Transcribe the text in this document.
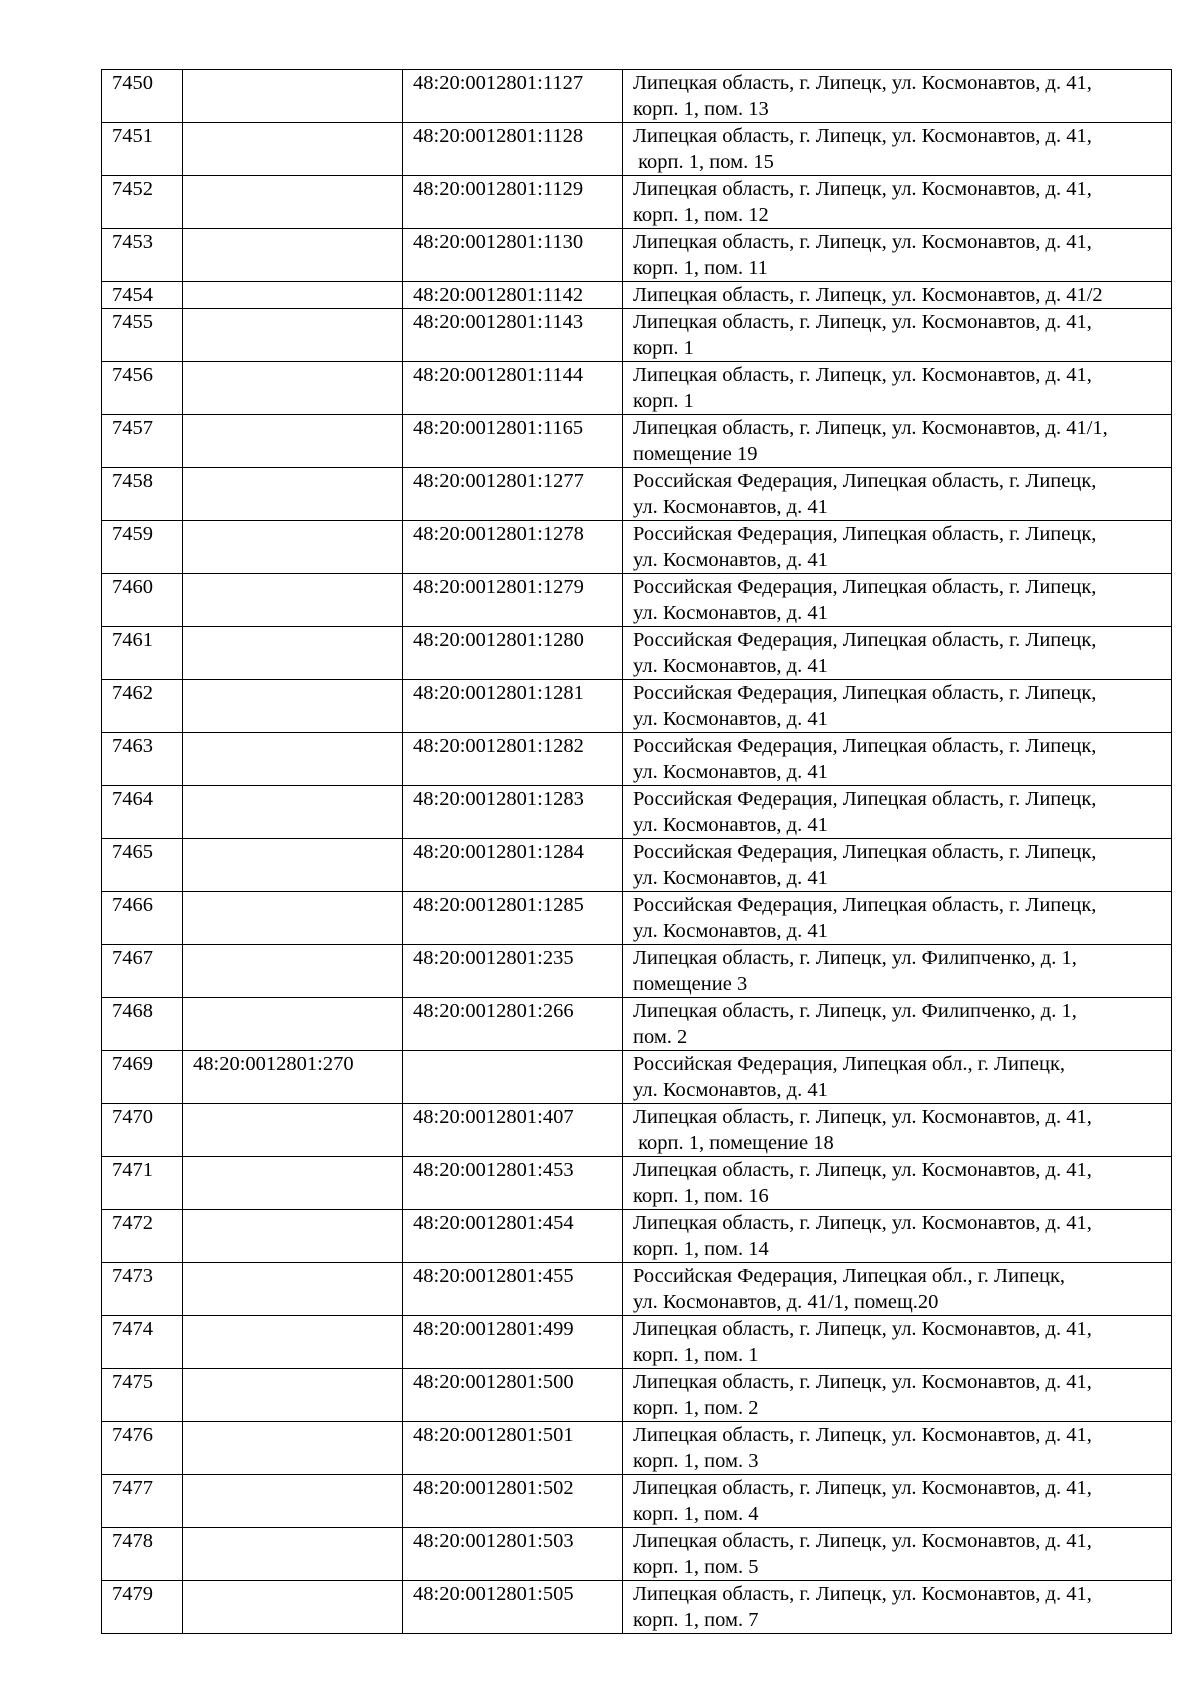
7450		48:20:0012801:1127	Липецкая область, г. Липецк, ул. Космонавтов, д. 41,
корп. 1, пом. 13

7451		48:20:0012801:1128	Липецкая область, г. Липецк, ул. Космонавтов, д. 41,
корп. 1, пом. 15

7452		48:20:0012801:1129	Липецкая область, г. Липецк, ул. Космонавтов, д. 41,
корп. 1, пом. 12

7453		48:20:0012801:1130	Липецкая область, г. Липецк, ул. Космонавтов, д. 41,
корп. 1, пом. 11

7454		48:20:0012801:1142	Липецкая область, г. Липецк, ул. Космонавтов, д. 41/2

7455		48:20:0012801:1143	Липецкая область, г. Липецк, ул. Космонавтов, д. 41,
корп. 1

7456		48:20:0012801:1144	Липецкая область, г. Липецк, ул. Космонавтов, д. 41,
корп. 1

7457		48:20:0012801:1165	Липецкая область, г. Липецк, ул. Космонавтов, д. 41/1,
помещение 19

7458		48:20:0012801:1277	Российская Федерация, Липецкая область, г. Липецк,
ул. Космонавтов, д. 41

7459		48:20:0012801:1278	Российская Федерация, Липецкая область, г. Липецк,
ул. Космонавтов, д. 41

7460		48:20:0012801:1279	Российская Федерация, Липецкая область, г. Липецк,
ул. Космонавтов, д. 41

7461		48:20:0012801:1280	Российская Федерация, Липецкая область, г. Липецк,
ул. Космонавтов, д. 41

7462		48:20:0012801:1281	Российская Федерация, Липецкая область, г. Липецк,
ул. Космонавтов, д. 41

7463		48:20:0012801:1282	Российская Федерация, Липецкая область, г. Липецк,
ул. Космонавтов, д. 41

7464		48:20:0012801:1283	Российская Федерация, Липецкая область, г. Липецк,
ул. Космонавтов, д. 41

7465		48:20:0012801:1284	Российская Федерация, Липецкая область, г. Липецк,
ул. Космонавтов, д. 41

7466		48:20:0012801:1285	Российская Федерация, Липецкая область, г. Липецк,
ул. Космонавтов, д. 41

7467		48:20:0012801:235	Липецкая область, г. Липецк, ул. Филипченко, д. 1,
помещение 3

7468		48:20:0012801:266	Липецкая область, г. Липецк, ул. Филипченко, д. 1,
пом. 2

7469	48:20:0012801:270		Российская Федерация, Липецкая обл., г. Липецк,
ул. Космонавтов, д. 41

7470		48:20:0012801:407	Липецкая область, г. Липецк, ул. Космонавтов, д. 41,
корп. 1, помещение 18

7471		48:20:0012801:453	Липецкая область, г. Липецк, ул. Космонавтов, д. 41,
корп. 1, пом. 16

7472		48:20:0012801:454	Липецкая область, г. Липецк, ул. Космонавтов, д. 41,
корп. 1, пом. 14

7473		48:20:0012801:455	Российская Федерация, Липецкая обл., г. Липецк,
ул. Космонавтов, д. 41/1, помещ.20

7474		48:20:0012801:499	Липецкая область, г. Липецк, ул. Космонавтов, д. 41,
корп. 1, пом. 1

7475		48:20:0012801:500	Липецкая область, г. Липецк, ул. Космонавтов, д. 41,
корп. 1, пом. 2

7476		48:20:0012801:501	Липецкая область, г. Липецк, ул. Космонавтов, д. 41,
корп. 1, пом. 3

7477		48:20:0012801:502	Липецкая область, г. Липецк, ул. Космонавтов, д. 41,
корп. 1, пом. 4

7478		48:20:0012801:503	Липецкая область, г. Липецк, ул. Космонавтов, д. 41,
корп. 1, пом. 5

7479		48:20:0012801:505	Липецкая область, г. Липецк, ул. Космонавтов, д. 41,
корп. 1, пом. 7
